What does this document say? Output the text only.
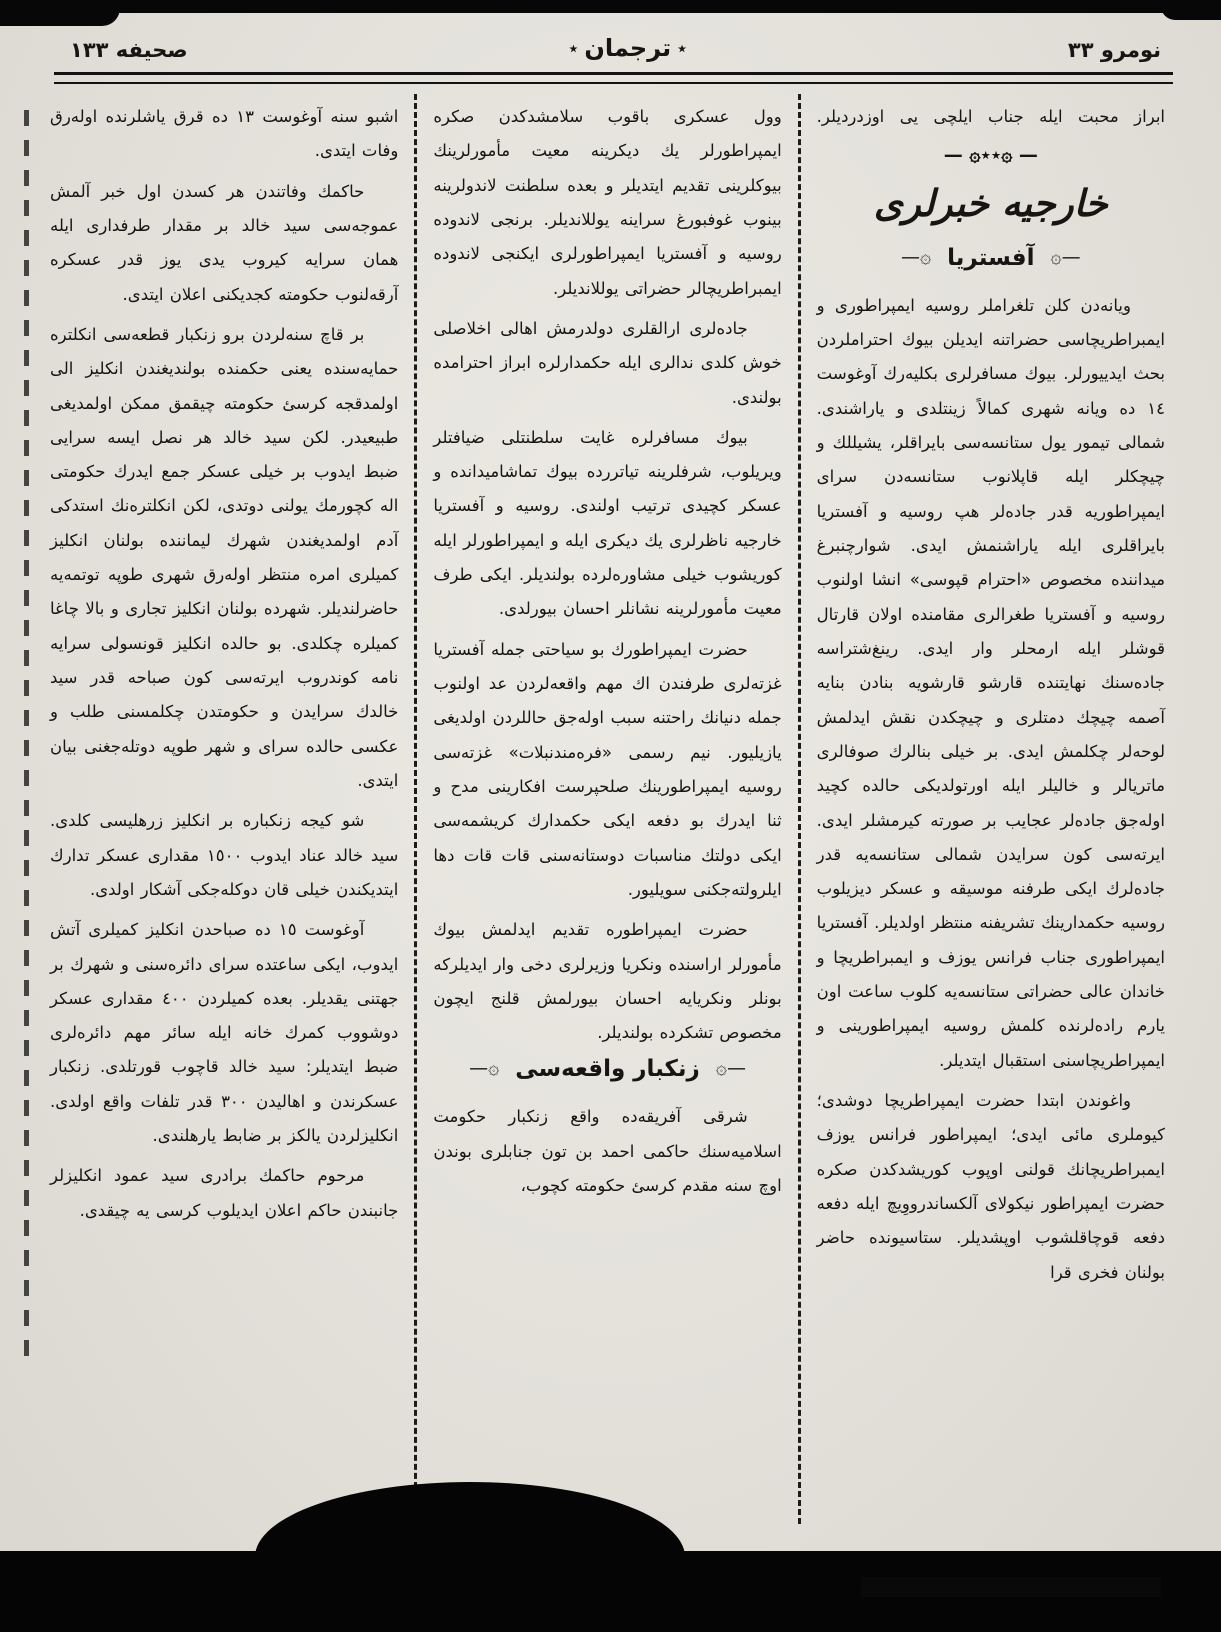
نومرو ٣٣
٭ترجمان٭
صحيفه ١٣٣
ابراز محبت ايله جناب ايلچى يى اوزدرديلر.
— ۞٭٭۞ —
خارجيه خبرلرى
—۞ آفستريا ۞—
ويانه‌دن كلن تلغراملر روسيه ايمپراطورى و ايمبراطريچاسى حضراتنه ايديلن بيوك احتراملردن بحث ايدييورلر. بيوك مسافرلرى بكليه‌رك آوغوست ١٤ ده ويانه شهرى كمالاً زينتلدى و ياراشندى. شمالى تيمور يول ستانسه‌سى بايراقلر، يشيللك و چيچكلر ايله قاپلانوب ستانسه‌دن سراى ايمپراطوريه قدر جاده‌لر هپ روسيه و آفستريا بايراقلرى ايله ياراشنمش ايدى. شوارچنبرغ ميداننده مخصوص «احترام قپوسى» انشا اولنوب روسيه و آفستريا طغرالرى مقامنده اولان قارتال قوشلر ايله ارمحلر وار ايدى. رينغ‌شتراسه جاده‌سنك نهايتنده قارشو قارشويه بنادن بنايه آصمه چيچك دمتلرى و چيچكدن نقش ايدلمش لوحه‌لر چكلمش ايدى. بر خيلى بنالرك صوفالرى ماتريالر و خاليلر ايله اورتولديكى حالده كچيد اوله‌جق جاده‌لر عجايب بر صورته كيرمشلر ايدى. ايرته‌سى كون سرايدن شمالى ستانسه‌يه قدر جاده‌لرك ايكى طرفنه موسيقه و عسكر ديزيلوب روسيه حكمدارينك تشريفنه منتظر اولديلر. آفستريا ايمپراطورى جناب فرانس يوزف و ايمبراطريچا و خاندان عالى حضراتى ستانسه‌يه كلوب ساعت اون يارم راده‌لرنده كلمش روسيه ايمپراطورينى و ايمپراطريچاسنى استقبال ايتديلر.
واغوندن ابتدا حضرت ايمپراطريچا دوشدى؛ كيوملرى مائى ايدى؛ ايمپراطور فرانس يوزف ايمبراطريچانك قولنى اوپوب كوريشدكدن صكره حضرت ايمپراطور نيكولاى آلكساندرووِيچ ايله دفعه دفعه قوچاقلشوب اوپشديلر. ستاسيونده حاضر بولنان فخرى قرا
وول عسكرى باقوب سلامشدكدن صكره ايمپراطورلر يك ديكرينه معيت مأمورلرينك بيوكلرينى تقديم ايتديلر و بعده سلطنت لاندولرينه بينوب غوفبورغ سراينه يوللانديلر. برنجى لاندوده روسيه و آفستريا ايمپراطورلرى ايكنجى لاندوده ايمبراطريچالر حضراتى يوللانديلر.
جاده‌لرى ارالقلرى دولدرمش اهالى اخلاصلى خوش كلدى ندالرى ايله حكمدارلره ابراز احترامده بولندى.
بيوك مسافرلره غايت سلطنتلى ضيافتلر ويريلوب، شرفلرينه تياتررده بيوك تماشاميدانده و عسكر كچيدى ترتيب اولندى. روسيه و آفستريا خارجيه ناظرلرى يك ديكرى ايله و ايمپراطورلر ايله كوريشوب خيلى مشاوره‌لرده بولنديلر. ايكى طرف معيت مأمورلرينه نشانلر احسان بيورلدى.
حضرت ايمپراطورك بو سياحتى جمله آفستريا غزته‌لرى طرفندن اك مهم واقعه‌لردن عد اولنوب جمله دنيانك راحتنه سبب اوله‌جق حاللردن اولديغى يازيليور. نيم رسمى «فره‌مندنبلات» غزته‌سى روسيه ايمپراطورينك صلحپرست افكارينى مدح و ثنا ايدرك بو دفعه ايكى حكمدارك كريشمه‌سى ايكى دولتك مناسبات دوستانه‌سنى قات قات دها ايلرولته‌جكنى سويليور.
حضرت ايمپراطوره تقديم ايدلمش بيوك مأمورلر اراسنده ونكريا وزيرلرى دخى وار ايديلركه بونلر ونكريايه احسان بيورلمش قلنج ايچون مخصوص تشكرده بولنديلر.
—۞ زنكبار واقعه‌سى ۞—
شرقى آفريقه‌ده واقع زنكبار حكومت اسلاميه‌سنك حاكمى احمد بن تون جنابلرى بوندن اوچ سنه مقدم كرسئ حكومته كچوب،
اشبو سنه آوغوست ١٣ ده قرق ياشلرنده اوله‌رق وفات ايتدى.
حاكمك وفاتندن هر كسدن اول خبر آلمش عموجه‌سى سيد خالد بر مقدار طرفدارى ايله همان سرايه كيروب يدى يوز قدر عسكره آرقه‌لنوب حكومته كجديكنى اعلان ايتدى.
بر قاچ سنه‌لردن برو زنكبار قطعه‌سى انكلتره حمايه‌سنده يعنى حكمنده بولنديغندن انكليز الى اولمدقجه كرسئ حكومته چيقمق ممكن اولمديغى طبيعيدر. لكن سيد خالد هر نصل ايسه سرايى ضبط ايدوب بر خيلى عسكر جمع ايدرك حكومتى اله كچورمك يولنى دوتدى، لكن انكلتره‌نك استدكى آدم اولمديغندن شهرك ليماننده بولنان انكليز كميلرى امره منتظر اوله‌رق شهرى طوپه توتمه‌يه حاضرلنديلر. شهرده بولنان انكليز تجارى و بالا چاغا كميلره چكلدى. بو حالده انكليز قونسولى سرايه نامه كوندروب ايرته‌سى كون صباحه قدر سيد خالدك سرايدن و حكومتدن چكلمسنى طلب و عكسى حالده سراى و شهر طوپه دوتله‌جغنى بيان ايتدى.
شو كيجه زنكباره بر انكليز زرهليسى كلدى. سيد خالد عناد ايدوب ١٥٠٠ مقدارى عسكر تدارك ايتديكندن خيلى قان دوكله‌جكى آشكار اولدى.
آوغوست ١٥ ده صباحدن انكليز كميلرى آتش ايدوب، ايكى ساعتده سراى دائره‌سنى و شهرك بر جهتنى يقديلر. بعده كميلردن ٤٠٠ مقدارى عسكر دوشووب كمرك خانه ايله سائر مهم دائره‌لرى ضبط ايتديلر: سيد خالد قاچوب قورتلدى. زنكبار عسكرندن و اهاليدن ٣٠٠ قدر تلفات واقع اولدى. انكليزلردن يالكز بر ضابط يارهلندى.
مرحوم حاكمك برادرى سيد عمود انكليزلر جانبندن حاكم اعلان ايديلوب كرسى يه چيقدى.
